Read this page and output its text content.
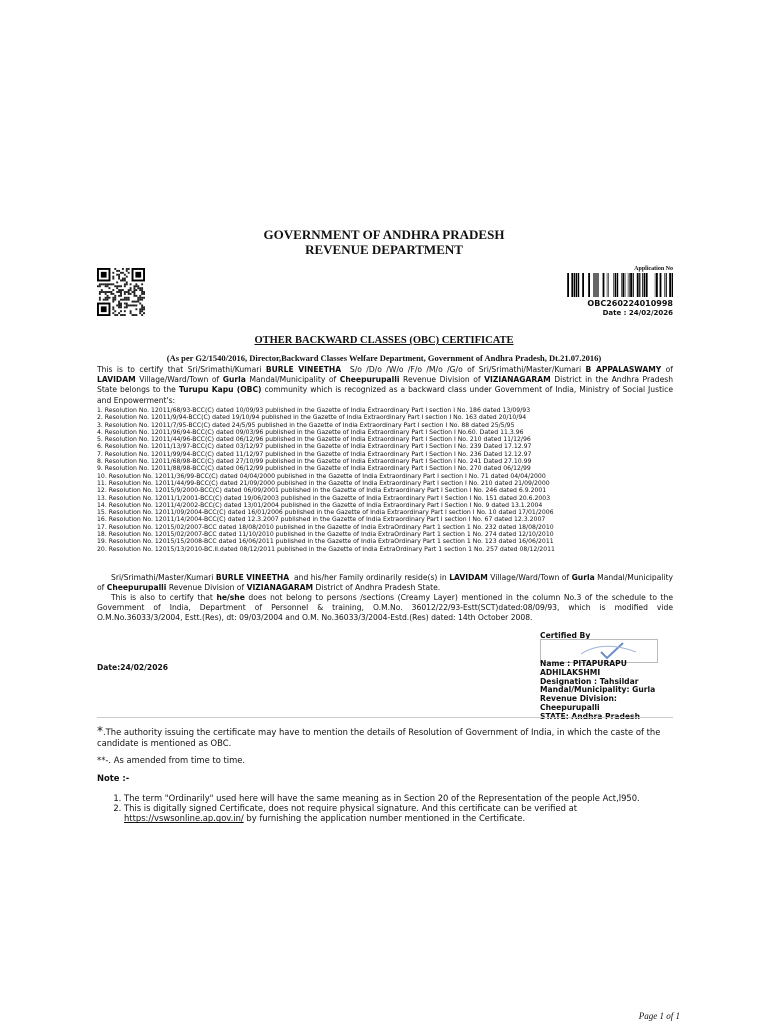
GOVERNMENT OF ANDHRA PRADESH
REVENUE DEPARTMENT
Application No
OBC260224010998
Date : 24/02/2026
OTHER BACKWARD CLASSES (OBC) CERTIFICATE
(As per G2/1540/2016, Director,Backward Classes Welfare Department, Government of Andhra Pradesh, Dt.21.07.2016)
This is to certify that Sri/Srimathi/Kumari BURLE VINEETHA S/o /D/o /W/o /F/o /M/o /G/o of Sri/Srimathi/Master/Kumari B APPALASWAMY of LAVIDAM Village/Ward/Town of Gurla Mandal/Municipality of Cheepurupalli Revenue Division of VIZIANAGARAM District in the Andhra Pradesh State belongs to the Turupu Kapu (OBC) community which is recognized as a backward class under Government of India, Ministry of Social Justice and Enpowerment's:
1. Resolution No. 12011/68/93-BCC(C) dated 10/09/93 published in the Gazette of India Extraordinary Part I section I No. 186 dated 13/09/93
2. Resolution No. 12011/9/94-BCC(C) dated 19/10/94 published in the Gazette of India Extraordinary Part I section I No. 163 dated 20/10/94
3. Resolution No. 12011/7/95-BCC(C) dated 24/5/95 published in the Gazette of India Extraordinary Part I section I No. 88 dated 25/5/95
4. Resolution No. 12011/96/94-BCC(C) dated 09/03/96 published in the Gazette of India Extraordinary Part I Section I No.60. Dated 11.3.96
5. Resolution No. 12011/44/96-BCC(C) dated 06/12/96 published in the Gazette of India Extraordinary Part I Section I No. 210 dated 11/12/96
6. Resolution No. 12011/13/97-BCC(C) dated 03/12/97 published in the Gazette of India Extraordinary Part I Section I No. 239 Dated 17.12.97
7. Resolution No. 12011/99/94-BCC(C) dated 11/12/97 published in the Gazette of India Extraordinary Part I Section I No. 236 Dated 12.12.97
8. Resolution No. 12011/68/98-BCC(C) dated 27/10/99 published in the Gazette of India Extraordinary Part I Section I No. 241 Dated 27.10.99
9. Resolution No. 12011/88/98-BCC(C) dated 06/12/99 published in the Gazette of India Extraordinary Part I Section I No. 270 dated 06/12/99
10. Resolution No. 12011/36/99-BCC(C) dated 04/04/2000 published in the Gazette of India Extraordinary Part I section I No. 71 dated 04/04/2000
11. Resolution No. 12011/44/99-BCC(C) dated 21/09/2000 published in the Gazette of India Extraordinary Part I section I No. 210 dated 21/09/2000
12. Resolution No. 12015/9/2000-BCC(C) dated 06/09/2001 published in the Gazette of India Extraordinary Part I Section I No. 246 dated 6.9.2001
13. Resolution No. 12011/1/2001-BCC(C) dated 19/06/2003 published in the Gazette of India Extraordinary Part I Section I No. 151 dated 20.6.2003
14. Resolution No. 12011/4/2002-BCC(C) dated 13/01/2004 published in the Gazette of India Extraordinary Part I Section I No. 9 dated 13.1.2004
15. Resolution No. 12011/09/2004-BCC(C) dated 16/01/2006 published in the Gazette of India Extraordinary Part I section I No. 10 dated 17/01/2006
16. Resolution No. 12011/14/2004-BCC(C) dated 12.3.2007 published in the Gazette of India Extraordinary Part I section I No. 67 dated 12.3.2007
17. Resolution No. 12015/02/2007-BCC dated 18/08/2010 published in the Gazette of India ExtraOrdinary Part 1 section 1 No. 232 dated 18/08/2010
18. Resolution No. 12015/02/2007-BCC dated 11/10/2010 published in the Gazette of India ExtraOrdinary Part 1 section 1 No. 274 dated 12/10/2010
19. Resolution No. 12015/15/2008-BCC dated 16/06/2011 published in the Gazette of India ExtraOrdinary Part 1 section 1 No. 123 dated 16/06/2011
20. Resolution No. 12015/13/2010-BC.II.dated 08/12/2011 published in the Gazette of India ExtraOrdinary Part 1 section 1 No. 257 dated 08/12/2011
Sri/Srimathi/Master/Kumari BURLE VINEETHA and his/her Family ordinarily reside(s) in LAVIDAM Village/Ward/Town of Gurla Mandal/Municipality of Cheepurupalli Revenue Division of VIZIANAGARAM District of Andhra Pradesh State.
This is also to certify that he/she does not belong to persons /sections (Creamy Layer) mentioned in the column No.3 of the schedule to the Government of India, Department of Personnel & training, O.M.No. 36012/22/93-Estt(SCT)dated:08/09/93, which is modified vide O.M.No.36033/3/2004, Estt.(Res), dt: 09/03/2004 and O.M. No.36033/3/2004-Estd.(Res) dated: 14th October 2008.
Certified By
Date:24/02/2026	Name : PITAPURAPU ADHILAKSHMI
Designation : Tahsildar
Mandal/Municipality: Gurla
Revenue Division: Cheepurupalli
STATE: Andhra Pradesh
*.The authority issuing the certificate may have to mention the details of Resolution of Government of India, in which the caste of the candidate is mentioned as OBC.
**-. As amended from time to time.
Note :-
1. The term "Ordinarily" used here will have the same meaning as in Section 20 of the Representation of the people Act,l950.
2. This is digitally signed Certificate, does not require physical signature. And this certificate can be verified at https://vswsonline.ap.gov.in/ by furnishing the application number mentioned in the Certificate.
Page 1 of 1
